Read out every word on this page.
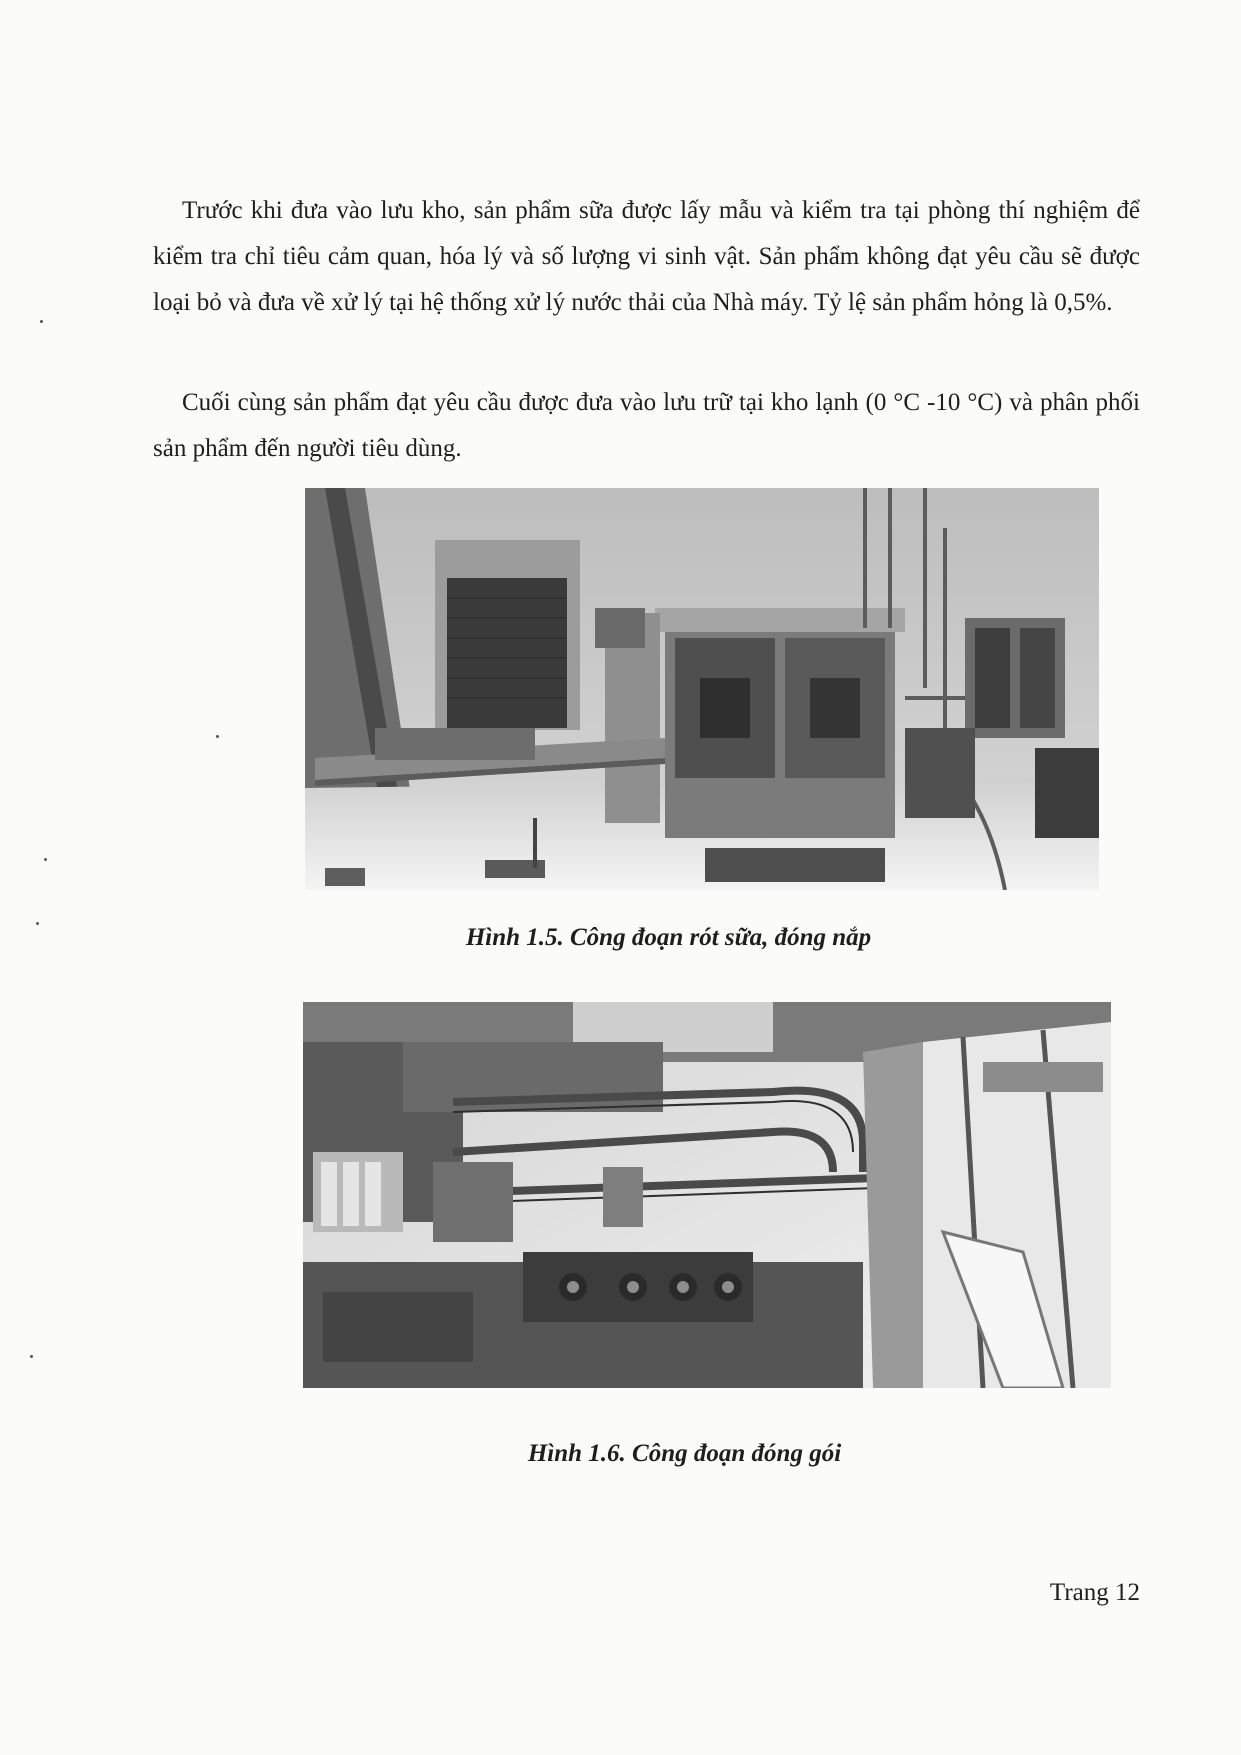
Trước khi đưa vào lưu kho, sản phẩm sữa được lấy mẫu và kiểm tra tại phòng thí nghiệm để kiểm tra chỉ tiêu cảm quan, hóa lý và số lượng vi sinh vật. Sản phẩm không đạt yêu cầu sẽ được loại bỏ và đưa về xử lý tại hệ thống xử lý nước thải của Nhà máy. Tỷ lệ sản phẩm hỏng là 0,5%.

Cuối cùng sản phẩm đạt yêu cầu được đưa vào lưu trữ tại kho lạnh (0 °C -10 °C) và phân phối sản phẩm đến người tiêu dùng.

Hình 1.5. Công đoạn rót sữa, đóng nắp

Hình 1.6. Công đoạn đóng gói

Trang 12
